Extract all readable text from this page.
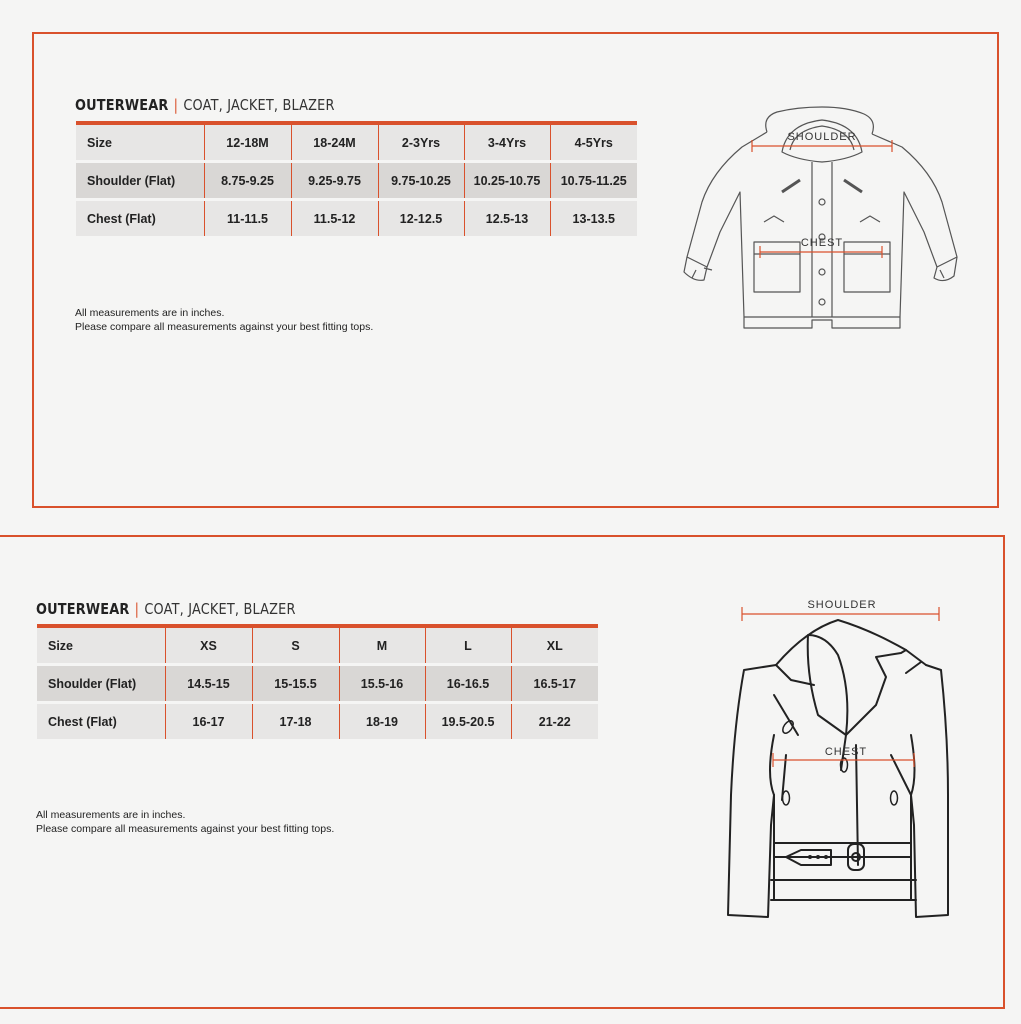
OUTERWEAR | COAT, JACKET, BLAZER
Size	12-18M	18-24M	2-3Yrs	3-4Yrs	4-5Yrs
Shoulder (Flat)	8.75-9.25	9.25-9.75	9.75-10.25	10.25-10.75	10.75-11.25
Chest (Flat)	11-11.5	11.5-12	12-12.5	12.5-13	13-13.5
All measurements are in inches.
Please compare all measurements against your best fitting tops.
SHOULDER
CHEST
OUTERWEAR | COAT, JACKET, BLAZER
Size	XS	S	M	L	XL
Shoulder (Flat)	14.5-15	15-15.5	15.5-16	16-16.5	16.5-17
Chest (Flat)	16-17	17-18	18-19	19.5-20.5	21-22
All measurements are in inches.
Please compare all measurements against your best fitting tops.
SHOULDER
CHEST
